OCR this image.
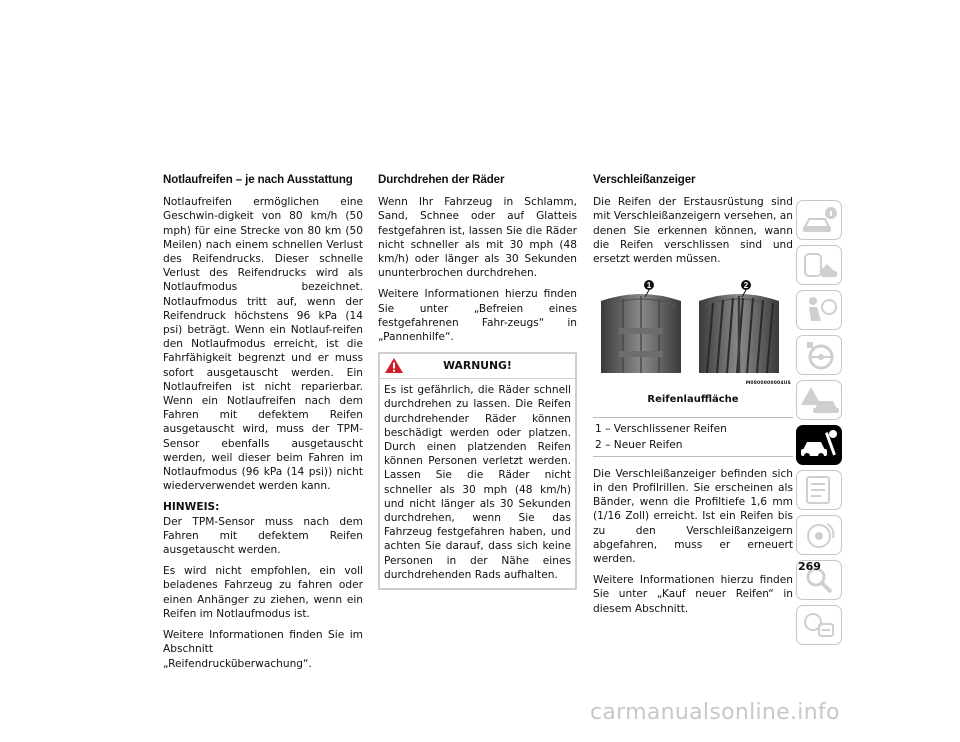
Notlaufreifen – je nach Ausstattung

Notlaufreifen ermöglichen eine Geschwin-digkeit von 80 km/h (50 mph) für eine Strecke von 80 km (50 Meilen) nach einem schnellen Verlust des Reifendrucks. Dieser schnelle Verlust des Reifendrucks wird als Notlaufmodus bezeichnet. Notlaufmodus tritt auf, wenn der Reifendruck höchstens 96 kPa (14 psi) beträgt. Wenn ein Notlauf-reifen den Notlaufmodus erreicht, ist die Fahrfähigkeit begrenzt und er muss sofort ausgetauscht werden. Ein Notlaufreifen ist nicht reparierbar. Wenn ein Notlaufreifen nach dem Fahren mit defektem Reifen ausgetauscht wird, muss der TPM-Sensor ebenfalls ausgetauscht werden, weil dieser beim Fahren im Notlaufmodus (96 kPa (14 psi)) nicht wiederverwendet werden kann.

HINWEIS:
Der TPM-Sensor muss nach dem Fahren mit defektem Reifen ausgetauscht werden.

Es wird nicht empfohlen, ein voll beladenes Fahrzeug zu fahren oder einen Anhänger zu ziehen, wenn ein Reifen im Notlaufmodus ist.

Weitere Informationen finden Sie im Abschnitt „Reifendrucküberwachung“.

Durchdrehen der Räder

Wenn Ihr Fahrzeug in Schlamm, Sand, Schnee oder auf Glatteis festgefahren ist, lassen Sie die Räder nicht schneller als mit 30 mph (48 km/h) oder länger als 30 Sekunden ununterbrochen durchdrehen.

Weitere Informationen hierzu finden Sie unter „Befreien eines festgefahrenen Fahr-zeugs“ in „Pannenhilfe“.

WARNUNG!

Es ist gefährlich, die Räder schnell durchdrehen zu lassen. Die Reifen durchdrehender Räder können beschädigt werden oder platzen. Durch einen platzenden Reifen können Personen verletzt werden. Lassen Sie die Räder nicht schneller als 30 mph (48 km/h) und nicht länger als 30 Sekunden durchdrehen, wenn Sie das Fahrzeug festgefahren haben, und achten Sie darauf, dass sich keine Personen in der Nähe eines durchdrehenden Rads aufhalten.

Verschleißanzeiger

Die Reifen der Erstausrüstung sind mit Verschleißanzeigern versehen, an denen Sie erkennen können, wann die Reifen verschlissen sind und ersetzt werden müssen.

1	2
M0800000004US
Reifenlauffläche
1 – Verschlissener Reifen
2 – Neuer Reifen

Die Verschleißanzeiger befinden sich in den Profilrillen. Sie erscheinen als Bänder, wenn die Profiltiefe 1,6 mm (1/16 Zoll) erreicht. Ist ein Reifen bis zu den Verschleißanzeigern abgefahren, muss er erneuert werden.

Weitere Informationen hierzu finden Sie unter „Kauf neuer Reifen“ in diesem Abschnitt.

269
carmanualsonline.info
